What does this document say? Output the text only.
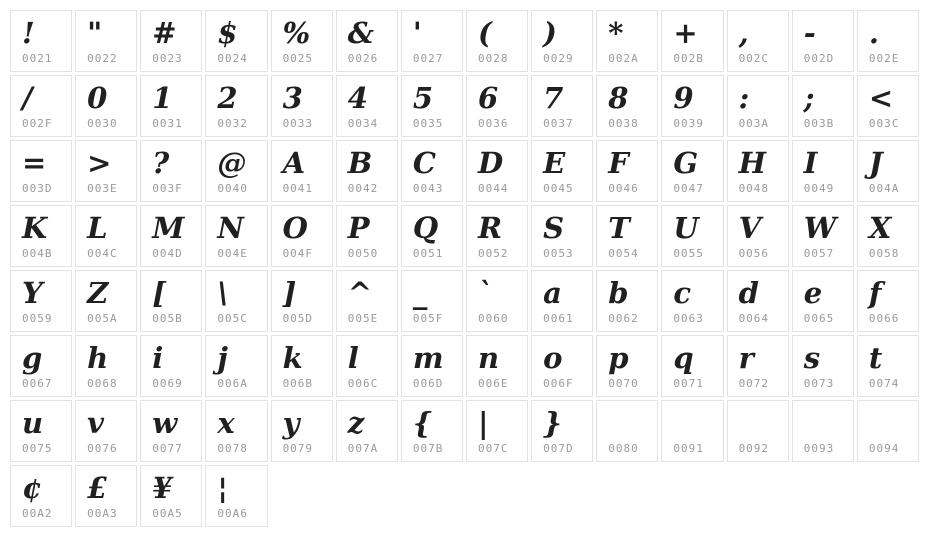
!
0021
"
0022
#
0023
$
0024
%
0025
&
0026
'
0027
(
0028
)
0029
*
002A
+
002B
,
002C
-
002D
.
002E
/
002F
0
0030
1
0031
2
0032
3
0033
4
0034
5
0035
6
0036
7
0037
8
0038
9
0039
:
003A
;
003B
<
003C
=
003D
>
003E
?
003F
@
0040
A
0041
B
0042
C
0043
D
0044
E
0045
F
0046
G
0047
H
0048
I
0049
J
004A
K
004B
L
004C
M
004D
N
004E
O
004F
P
0050
Q
0051
R
0052
S
0053
T
0054
U
0055
V
0056
W
0057
X
0058
Y
0059
Z
005A
[
005B
\
005C
]
005D
^
005E
_
005F
`
0060
a
0061
b
0062
c
0063
d
0064
e
0065
f
0066
g
0067
h
0068
i
0069
j
006A
k
006B
l
006C
m
006D
n
006E
o
006F
p
0070
q
0071
r
0072
s
0073
t
0074
u
0075
v
0076
w
0077
x
0078
y
0079
z
007A
{
007B
|
007C
}
007D	0080	0091	0092	0093	0094
¢
00A2
£
00A3
¥
00A5
¦
00A6
